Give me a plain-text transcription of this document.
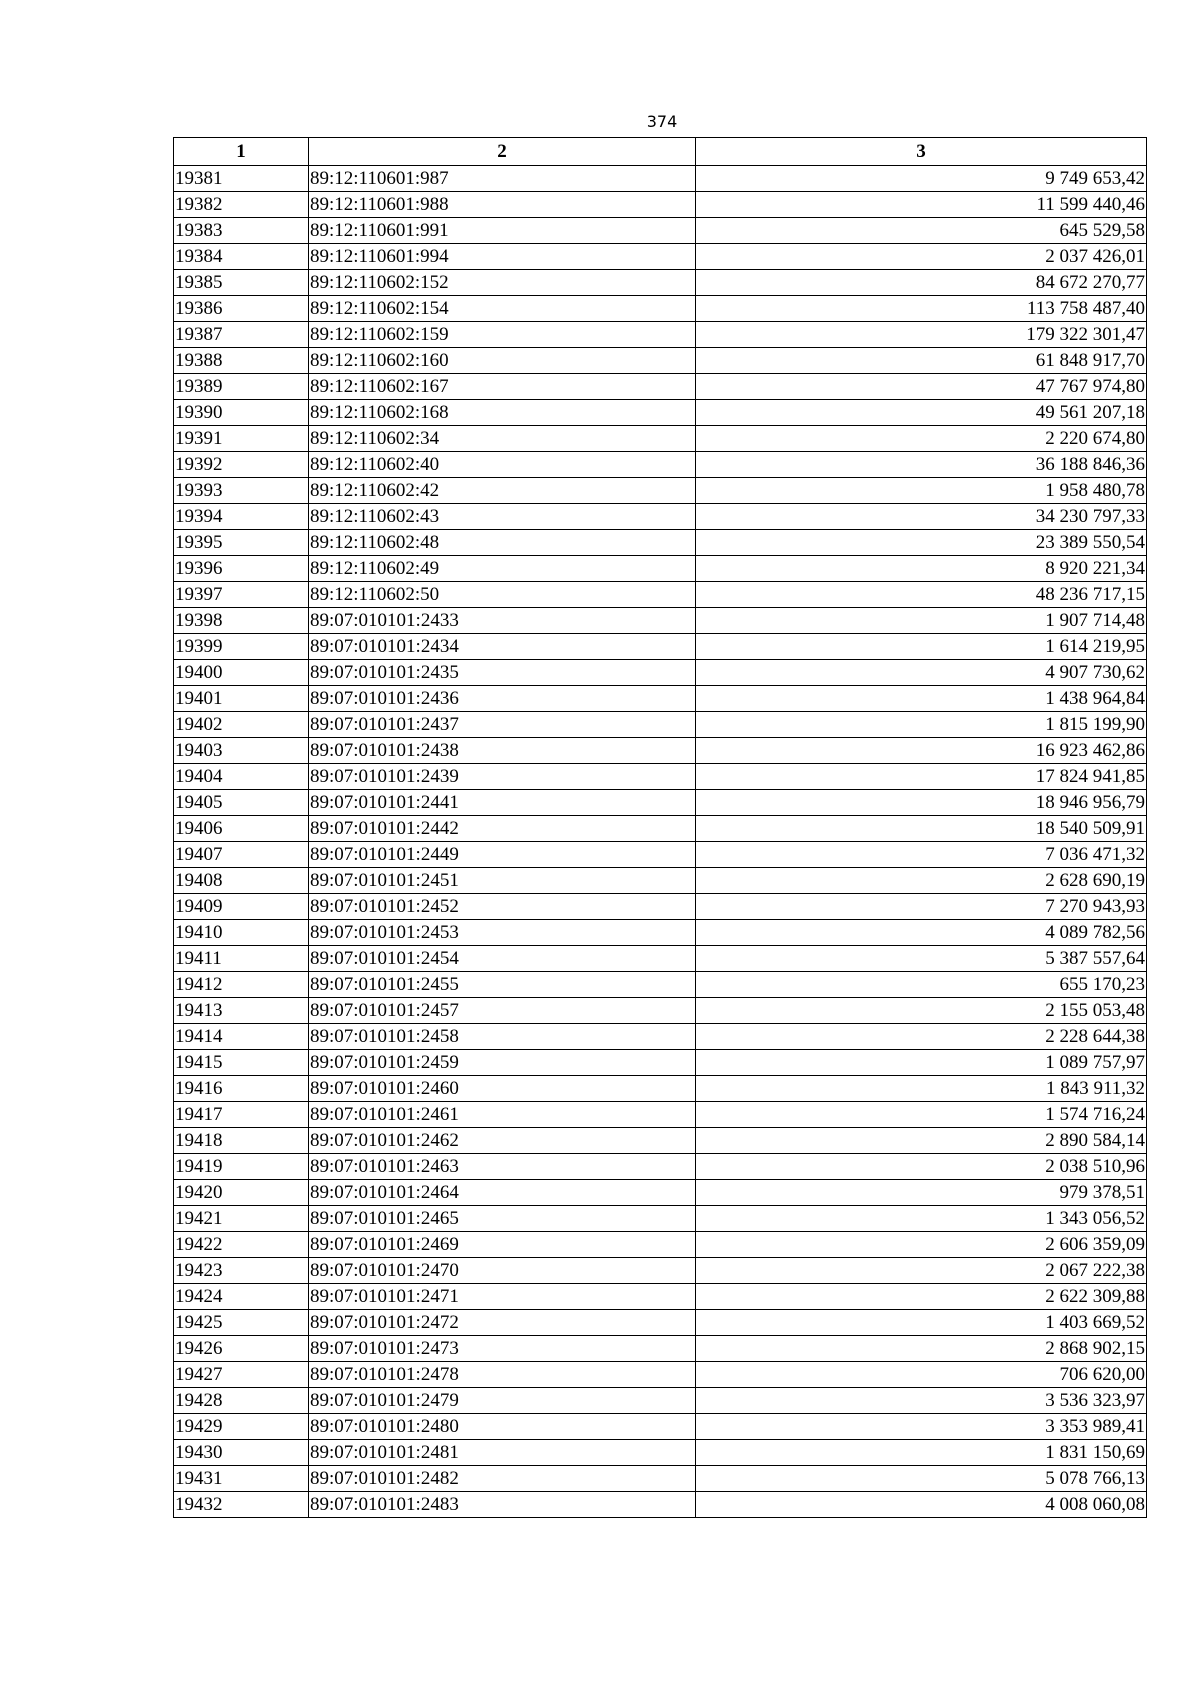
374
1	2	3
19381	89:12:110601:987	9 749 653,42
19382	89:12:110601:988	11 599 440,46
19383	89:12:110601:991	645 529,58
19384	89:12:110601:994	2 037 426,01
19385	89:12:110602:152	84 672 270,77
19386	89:12:110602:154	113 758 487,40
19387	89:12:110602:159	179 322 301,47
19388	89:12:110602:160	61 848 917,70
19389	89:12:110602:167	47 767 974,80
19390	89:12:110602:168	49 561 207,18
19391	89:12:110602:34	2 220 674,80
19392	89:12:110602:40	36 188 846,36
19393	89:12:110602:42	1 958 480,78
19394	89:12:110602:43	34 230 797,33
19395	89:12:110602:48	23 389 550,54
19396	89:12:110602:49	8 920 221,34
19397	89:12:110602:50	48 236 717,15
19398	89:07:010101:2433	1 907 714,48
19399	89:07:010101:2434	1 614 219,95
19400	89:07:010101:2435	4 907 730,62
19401	89:07:010101:2436	1 438 964,84
19402	89:07:010101:2437	1 815 199,90
19403	89:07:010101:2438	16 923 462,86
19404	89:07:010101:2439	17 824 941,85
19405	89:07:010101:2441	18 946 956,79
19406	89:07:010101:2442	18 540 509,91
19407	89:07:010101:2449	7 036 471,32
19408	89:07:010101:2451	2 628 690,19
19409	89:07:010101:2452	7 270 943,93
19410	89:07:010101:2453	4 089 782,56
19411	89:07:010101:2454	5 387 557,64
19412	89:07:010101:2455	655 170,23
19413	89:07:010101:2457	2 155 053,48
19414	89:07:010101:2458	2 228 644,38
19415	89:07:010101:2459	1 089 757,97
19416	89:07:010101:2460	1 843 911,32
19417	89:07:010101:2461	1 574 716,24
19418	89:07:010101:2462	2 890 584,14
19419	89:07:010101:2463	2 038 510,96
19420	89:07:010101:2464	979 378,51
19421	89:07:010101:2465	1 343 056,52
19422	89:07:010101:2469	2 606 359,09
19423	89:07:010101:2470	2 067 222,38
19424	89:07:010101:2471	2 622 309,88
19425	89:07:010101:2472	1 403 669,52
19426	89:07:010101:2473	2 868 902,15
19427	89:07:010101:2478	706 620,00
19428	89:07:010101:2479	3 536 323,97
19429	89:07:010101:2480	3 353 989,41
19430	89:07:010101:2481	1 831 150,69
19431	89:07:010101:2482	5 078 766,13
19432	89:07:010101:2483	4 008 060,08
